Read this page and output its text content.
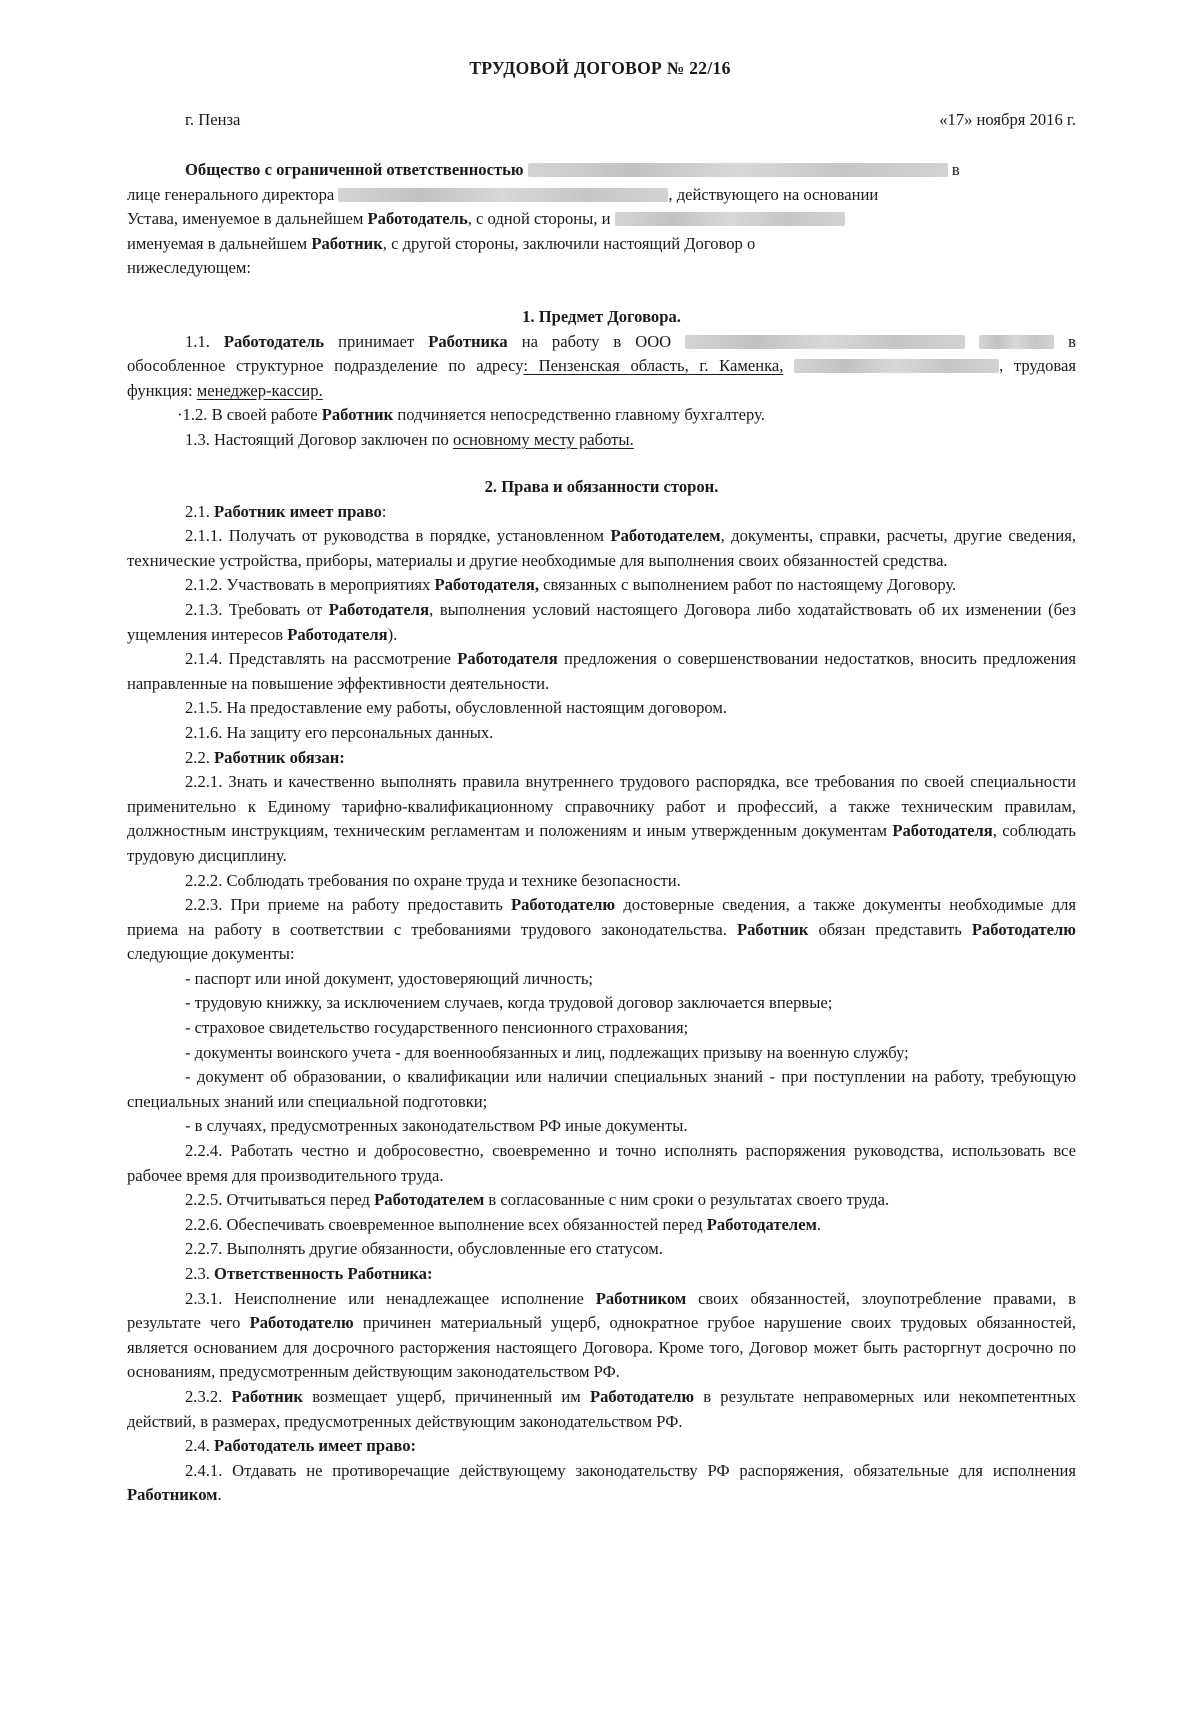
ТРУДОВОЙ ДОГОВОР № 22/16
г. Пенза	«17» ноября 2016 г.

Общество с ограниченной ответственностью	в

лице генерального директора	, действующего на основании

Устава, именуемое в дальнейшем Работодатель, с одной стороны, и

именуемая в дальнейшем Работник, с другой стороны, заключили настоящий Договор о

нижеследующем:

1. Предмет Договора.

1.1. Работодатель принимает Работника на работу в ООО	в обособленное структурное подразделение по адресу: Пензенская область, г. Каменка,	, трудовая функция: менеджер-кассир.

·1.2. В своей работе Работник подчиняется непосредственно главному бухгалтеру.

1.3. Настоящий Договор заключен по основному месту работы.

2. Права и обязанности сторон.

2.1. Работник имеет право:

2.1.1. Получать от руководства в порядке, установленном Работодателем, документы, справки, расчеты, другие сведения, технические устройства, приборы, материалы и другие необходимые для выполнения своих обязанностей средства.

2.1.2. Участвовать в мероприятиях Работодателя, связанных с выполнением работ по настоящему Договору.

2.1.3. Требовать от Работодателя, выполнения условий настоящего Договора либо ходатайствовать об их изменении (без ущемления интересов Работодателя).

2.1.4. Представлять на рассмотрение Работодателя предложения о совершенствовании недостатков, вносить предложения направленные на повышение эффективности деятельности.

2.1.5. На предоставление ему работы, обусловленной настоящим договором.

2.1.6. На защиту его персональных данных.

2.2. Работник обязан:

2.2.1. Знать и качественно выполнять правила внутреннего трудового распорядка, все требования по своей специальности применительно к Единому тарифно-квалификационному справочнику работ и профессий, а также техническим правилам, должностным инструкциям, техническим регламентам и положениям и иным утвержденным документам Работодателя, соблюдать трудовую дисциплину.

2.2.2. Соблюдать требования по охране труда и технике безопасности.

2.2.3. При приеме на работу предоставить Работодателю достоверные сведения, а также документы необходимые для приема на работу в соответствии с требованиями трудового законодательства. Работник обязан представить Работодателю следующие документы:

- паспорт или иной документ, удостоверяющий личность;

- трудовую книжку, за исключением случаев, когда трудовой договор заключается впервые;

- страховое свидетельство государственного пенсионного страхования;

- документы воинского учета - для военнообязанных и лиц, подлежащих призыву на военную службу;

- документ об образовании, о квалификации или наличии специальных знаний - при поступлении на работу, требующую специальных знаний или специальной подготовки;

- в случаях, предусмотренных законодательством РФ иные документы.

2.2.4. Работать честно и добросовестно, своевременно и точно исполнять распоряжения руководства, использовать все рабочее время для производительного труда.

2.2.5. Отчитываться перед Работодателем в согласованные с ним сроки о результатах своего труда.

2.2.6. Обеспечивать своевременное выполнение всех обязанностей перед Работодателем.

2.2.7. Выполнять другие обязанности, обусловленные его статусом.

2.3. Ответственность Работника:

2.3.1. Неисполнение или ненадлежащее исполнение Работником своих обязанностей, злоупотребление правами, в результате чего Работодателю причинен материальный ущерб, однократное грубое нарушение своих трудовых обязанностей, является основанием для досрочного расторжения настоящего Договора. Кроме того, Договор может быть расторгнут досрочно по основаниям, предусмотренным действующим законодательством РФ.

2.3.2. Работник возмещает ущерб, причиненный им Работодателю в результате неправомерных или некомпетентных действий, в размерах, предусмотренных действующим законодательством РФ.

2.4. Работодатель имеет право:

2.4.1. Отдавать не противоречащие действующему законодательству РФ распоряжения, обязательные для исполнения Работником.
